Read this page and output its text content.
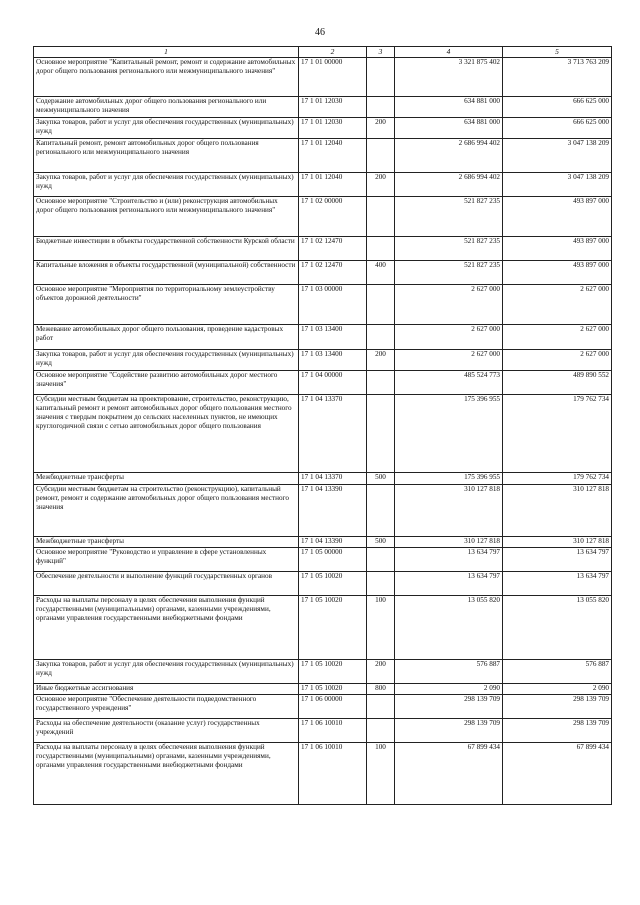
46
1	2	3	4	5
Основное мероприятие "Капитальный ремонт, ремонт и содержание автомобильных дорог общего пользования регионального или межмуниципального значения"	17 1 01 00000		3 321 875 402	3 713 763 209
Содержание автомобильных дорог общего пользования регионального или межмуниципального значения	17 1 01 12030		634 881 000	666 625 000
Закупка товаров, работ и услуг для обеспечения государственных (муниципальных) нужд	17 1 01 12030	200	634 881 000	666 625 000
Капитальный ремонт, ремонт автомобильных дорог общего пользования регионального или межмуниципального значения	17 1 01 12040		2 686 994 402	3 047 138 209
Закупка товаров, работ и услуг для обеспечения государственных (муниципальных) нужд	17 1 01 12040	200	2 686 994 402	3 047 138 209
Основное мероприятие "Строительство и (или) реконструкция автомобильных дорог общего пользования регионального или межмуниципального значения"	17 1 02 00000		521 827 235	493 897 000
Бюджетные инвестиции в объекты государственной собственности Курской области	17 1 02 12470		521 827 235	493 897 000
Капитальные вложения в объекты государственной (муниципальной) собственности	17 1 02 12470	400	521 827 235	493 897 000
Основное мероприятие "Мероприятия по территориальному землеустройству объектов дорожной деятельности"	17 1 03 00000		2 627 000	2 627 000
Межевание автомобильных дорог общего пользования, проведение кадастровых работ	17 1 03 13400		2 627 000	2 627 000
Закупка товаров, работ и услуг для обеспечения государственных (муниципальных) нужд	17 1 03 13400	200	2 627 000	2 627 000
Основное мероприятие "Содействие развитию автомобильных дорог местного значения"	17 1 04 00000		485 524 773	489 890 552
Субсидии местным бюджетам на проектирование, строительство, реконструкцию, капитальный ремонт и ремонт автомобильных дорог общего пользования местного значения с твердым покрытием до сельских населенных пунктов, не имеющих круглогодичной связи с сетью автомобильных дорог общего пользования	17 1 04 13370		175 396 955	179 762 734
Межбюджетные трансферты	17 1 04 13370	500	175 396 955	179 762 734
Субсидии местным бюджетам на строительство (реконструкцию), капитальный ремонт, ремонт и содержание автомобильных дорог общего пользования местного значения	17 1 04 13390		310 127 818	310 127 818
Межбюджетные трансферты	17 1 04 13390	500	310 127 818	310 127 818
Основное мероприятие "Руководство и управление в сфере установленных функций"	17 1 05 00000		13 634 797	13 634 797
Обеспечение деятельности и выполнение функций государственных органов	17 1 05 10020		13 634 797	13 634 797
Расходы на выплаты персоналу в целях обеспечения выполнения функций государственными (муниципальными) органами, казенными учреждениями, органами управления государственными внебюджетными фондами	17 1 05 10020	100	13 055 820	13 055 820
Закупка товаров, работ и услуг для обеспечения государственных (муниципальных) нужд	17 1 05 10020	200	576 887	576 887
Иные бюджетные ассигнования	17 1 05 10020	800	2 090	2 090
Основное мероприятие "Обеспечение деятельности подведомственного государственного учреждения"	17 1 06 00000		298 139 709	298 139 709
Расходы на обеспечение деятельности (оказание услуг) государственных учреждений	17 1 06 10010		298 139 709	298 139 709
Расходы на выплаты персоналу в целях обеспечения выполнения функций государственными (муниципальными) органами, казенными учреждениями, органами управления государственными внебюджетными фондами	17 1 06 10010	100	67 899 434	67 899 434
